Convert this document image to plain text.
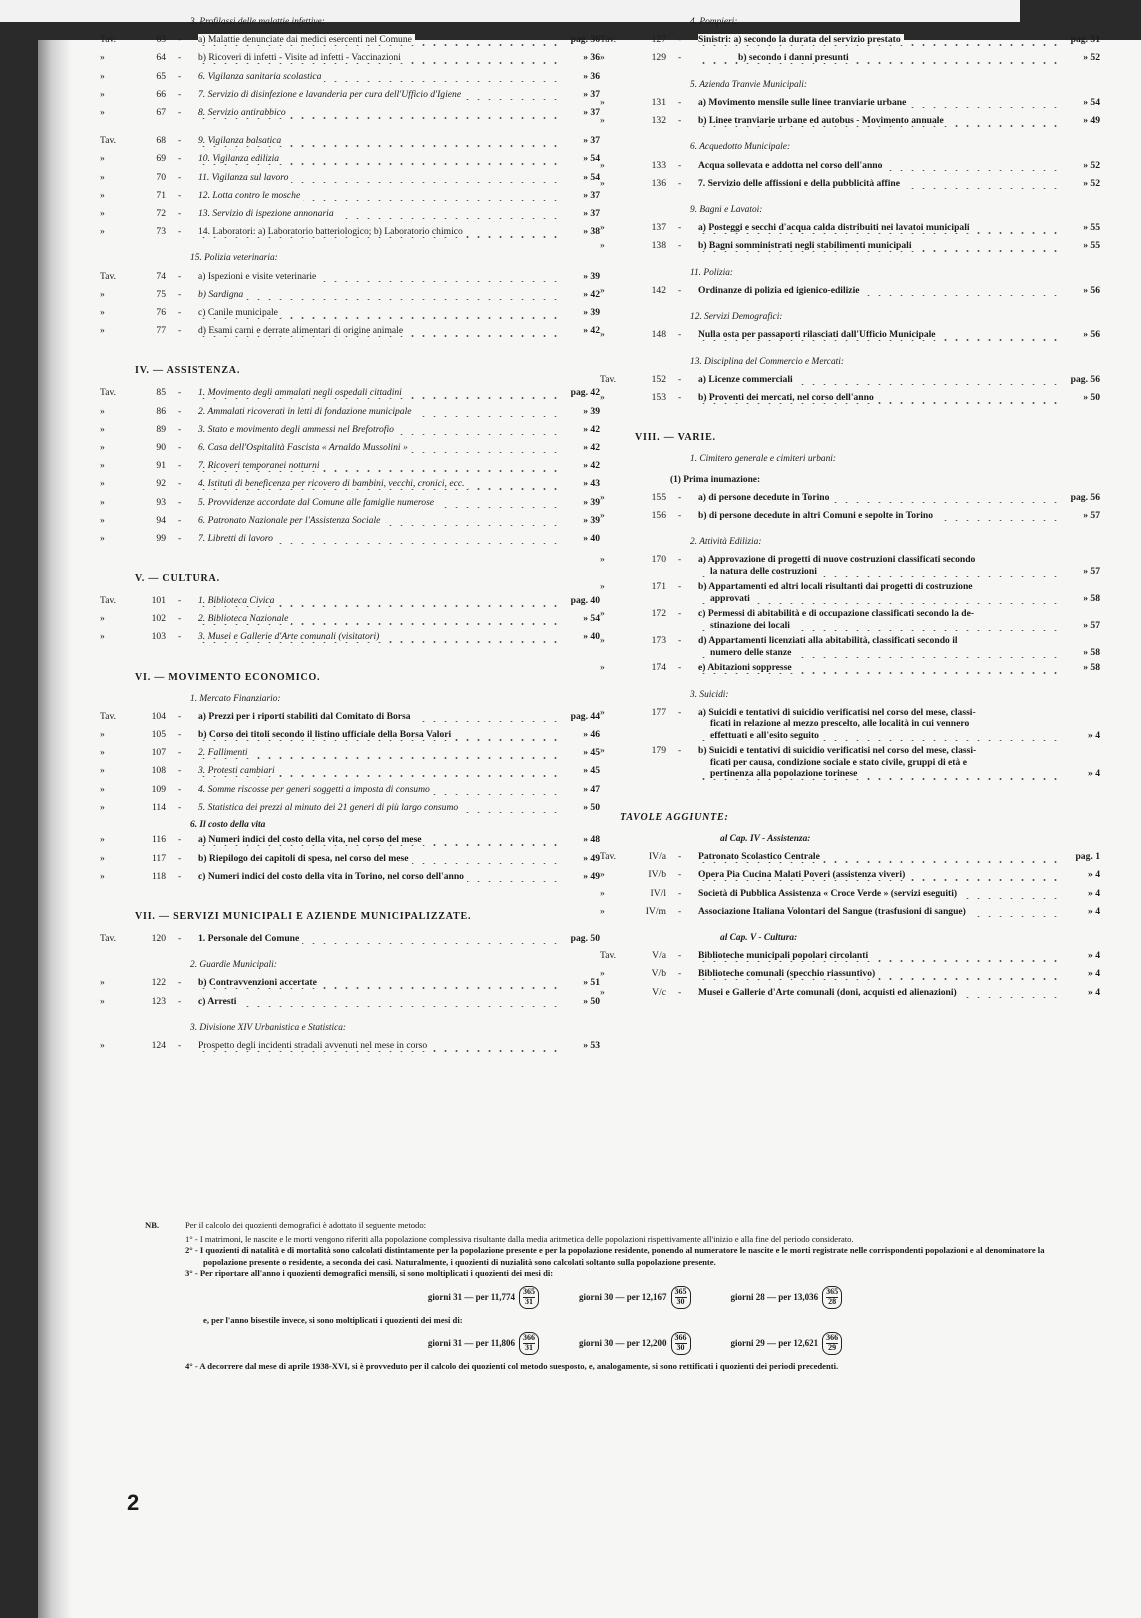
3. Profilassi delle malattie infettive:
Tav.	63	-	a) Malattie denunciate dai medici esercenti nel Comune	pag. 36
»	64	-	b) Ricoveri di infetti - Visite ad infetti - Vaccinazioni	» 36
»	65	-	6. Vigilanza sanitaria scolastica	» 36
»	66	-	7. Servizio di disinfezione e lavanderia per cura dell'Ufficio d'Igiene	» 37
»	67	-	8. Servizio antirabbico	» 37
Tav.	68	-	9. Vigilanza balsatica	» 37
»	69	-	10. Vigilanza edilizia	» 54
»	70	-	11. Vigilanza sul lavoro	» 54
»	71	-	12. Lotta contro le mosche	» 37
»	72	-	13. Servizio di ispezione annonaria	» 37
»	73	-	14. Laboratori: a) Laboratorio batteriologico; b) Laboratorio chimico	» 38
15. Polizia veterinaria:
Tav.	74	-	a) Ispezioni e visite veterinarie	» 39
»	75	-	b) Sardigna	» 42
»	76	-	c) Canile municipale	» 39
»	77	-	d) Esami carni e derrate alimentari di origine animale	» 42
IV. — ASSISTENZA.
Tav.	85	-	1. Movimento degli ammalati negli ospedali cittadini	pag. 42
»	86	-	2. Ammalati ricoverati in letti di fondazione municipale	» 39
»	89	-	3. Stato e movimento degli ammessi nel Brefotrofio	» 42
»	90	-	6. Casa dell'Ospitalità Fascista « Arnaldo Mussolini »	» 42
»	91	-	7. Ricoveri temporanei notturni	» 42
»	92	-	4. Istituti di beneficenza per ricovero di bambini, vecchi, cronici, ecc.	» 43
»	93	-	5. Provvidenze accordate dal Comune alle famiglie numerose	» 39
»	94	-	6. Patronato Nazionale per l'Assistenza Sociale	» 39
»	99	-	7. Libretti di lavoro	» 40
V. — CULTURA.
Tav.	101	-	1. Biblioteca Civica	pag. 40
»	102	-	2. Biblioteca Nazionale	» 54
»	103	-	3. Musei e Gallerie d'Arte comunali (visitatori)	» 40
VI. — MOVIMENTO ECONOMICO.
1. Mercato Finanziario:
Tav.	104	-	a) Prezzi per i riporti stabiliti dal Comitato di Borsa	pag. 44
»	105	-	b) Corso dei titoli secondo il listino ufficiale della Borsa Valori	» 46
»	107	-	2. Fallimenti	» 45
»	108	-	3. Protesti cambiari	» 45
»	109	-	4. Somme riscosse per generi soggetti a imposta di consumo	» 47
»	114	-	5. Statistica dei prezzi al minuto dei 21 generi di più largo consumo	» 50
6. Il costo della vita
»	116	-	a) Numeri indici del costo della vita, nel corso del mese	» 48
»	117	-	b) Riepilogo dei capitoli di spesa, nel corso del mese	» 49
»	118	-	c) Numeri indici del costo della vita in Torino, nel corso dell'anno	» 49
VII. — SERVIZI MUNICIPALI E AZIENDE MUNICIPALIZZATE.
Tav.	120	-	1. Personale del Comune	pag. 50
2. Guardie Municipali:
»	122	-	b) Contravvenzioni accertate	» 51
»	123	-	c) Arresti	» 50
3. Divisione XIV Urbanistica e Statistica:
»	124	-	Prospetto degli incidenti stradali avvenuti nel mese in corso	» 53
4. Pompieri:
Tav.	127	-	Sinistri: a) secondo la durata del servizio prestato	pag. 51
»	129	-	b) secondo i danni presunti	» 52
5. Azienda Tranvie Municipali:
»	131	-	a) Movimento mensile sulle linee tranviarie urbane	» 54
»	132	-	b) Linee tranviarie urbane ed autobus - Movimento annuale	» 49
6. Acquedotto Municipale:
»	133	-	Acqua sollevata e addotta nel corso dell'anno	» 52
»	136	-	7. Servizio delle affissioni e della pubblicità affine	» 52
9. Bagni e Lavatoi:
»	137	-	a) Posteggi e secchi d'acqua calda distribuiti nei lavatoi municipali	» 55
»	138	-	b) Bagni somministrati negli stabilimenti municipali	» 55
11. Polizia:
»	142	-	Ordinanze di polizia ed igienico-edilizie	» 56
12. Servizi Demografici:
»	148	-	Nulla osta per passaporti rilasciati dall'Ufficio Municipale	» 56
13. Disciplina del Commercio e Mercati:
Tav.	152	-	a) Licenze commerciali	pag. 56
»	153	-	b) Proventi dei mercati, nel corso dell'anno	» 50
VIII. — VARIE.
1. Cimitero generale e cimiteri urbani:
(1) Prima inumazione:
»	155	-	a) di persone decedute in Torino	pag. 56
»	156	-	b) di persone decedute in altri Comuni e sepolte in Torino	» 57
2. Attività Edilizia:
»	170	-	a) Approvazione di progetti di nuove costruzioni classificati secondo
la natura delle costruzioni	» 57
»	171	-	b) Appartamenti ed altri locali risultanti dai progetti di costruzione
approvati	» 58
»	172	-	c) Permessi di abitabilità e di occupazione classificati secondo la de-
stinazione dei locali	» 57
»	173	-	d) Appartamenti licenziati alla abitabilità, classificati secondo il
numero delle stanze	» 58
»	174	-	e) Abitazioni soppresse	» 58
3. Suicidi:
»	177	-	a) Suicidi e tentativi di suicidio verificatisi nel corso del mese, classi-
ficati in relazione al mezzo prescelto, alle località in cui vennero
effettuati e all'esito seguito	» 4
»	179	-	b) Suicidi e tentativi di suicidio verificatisi nel corso del mese, classi-
ficati per causa, condizione sociale e stato civile, gruppi di età e
pertinenza alla popolazione torinese	» 4
TAVOLE AGGIUNTE:
al Cap. IV - Assistenza:
Tav.	IV/a	-	Patronato Scolastico Centrale	pag. 1
»	IV/b	-	Opera Pia Cucina Malati Poveri (assistenza viveri)	» 4
»	IV/l	-	Società di Pubblica Assistenza « Croce Verde » (servizi eseguiti)	» 4
»	IV/m	-	Associazione Italiana Volontari del Sangue (trasfusioni di sangue)	» 4
al Cap. V - Cultura:
Tav.	V/a	-	Biblioteche municipali popolari circolanti	» 4
»	V/b	-	Biblioteche comunali (specchio riassuntivo)	» 4
»	V/c	-	Musei e Gallerie d'Arte comunali (doni, acquisti ed alienazioni)	» 4
NB.	Per il calcolo dei quozienti demografici è adottato il seguente metodo:
1° - I matrimoni, le nascite e le morti vengono riferiti alla popolazione complessiva risultante dalla media aritmetica delle popolazioni rispettivamente all'inizio e alla fine del periodo considerato.
2° - I quozienti di natalità e di mortalità sono calcolati distintamente per la popolazione presente e per la popolazione residente, ponendo al numeratore le nascite e le morti registrate nelle corrispondenti popolazioni e al denominatore la popolazione presente o residente, a seconda dei casi. Naturalmente, i quozienti di nuzialità sono calcolati soltanto sulla popolazione presente.
3° - Per riportare all'anno i quozienti demografici mensili, si sono moltiplicati i quozienti dei mesi di:
giorni 31 — per $11,774 \frac{365}{31}$	giorni 30 — per $12,167 \frac{365}{30}$	giorni 28 — per $13,036 \frac{365}{28}$
e, per l'anno bisestile invece, si sono moltiplicati i quozienti dei mesi di:
giorni 31 — per $11,806 \frac{366}{31}$	giorni 30 — per $12,200 \frac{366}{30}$	giorni 29 — per $12,621 \frac{366}{29}$
4° - A decorrere dal mese di aprile 1938-XVI, si è provveduto per il calcolo dei quozienti col metodo suesposto, e, analogamente, si sono rettificati i quozienti dei periodi precedenti.
2
